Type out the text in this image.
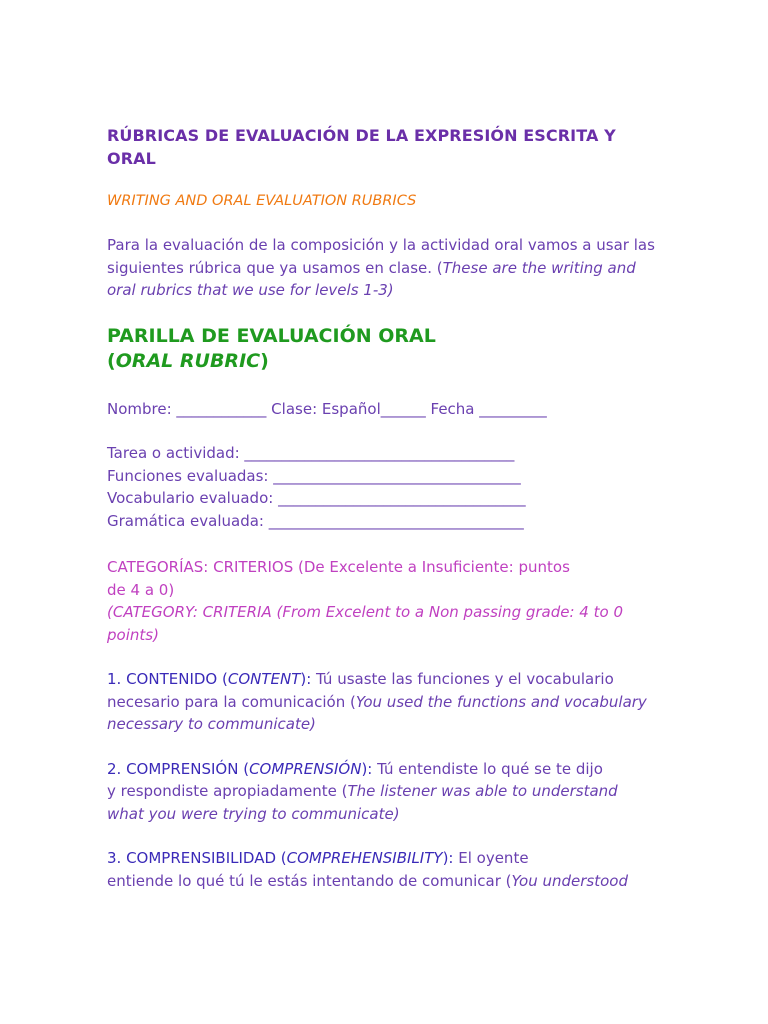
RÚBRICAS DE EVALUACIÓN DE LA EXPRESIÓN ESCRITA Y
ORAL

WRITING AND ORAL EVALUATION RUBRICS

Para la evaluación de la composición y la actividad oral vamos a usar las
siguientes rúbrica que ya usamos en clase. (These are the writing and
oral rubrics that we use for levels 1-3)

PARILLA DE EVALUACIÓN ORAL
(ORAL RUBRIC)
Nombre: ____________ Clase: Español______ Fecha _________
Tarea o actividad: ____________________________________
Funciones evaluadas: _________________________________
Vocabulario evaluado: _________________________________
Gramática evaluada: __________________________________
CATEGORÍAS: CRITERIOS (De Excelente a Insuficiente: puntos
de 4 a 0)
(CATEGORY: CRITERIA (From Excelent to a Non passing grade: 4 to 0
points)
1. CONTENIDO (CONTENT): Tú usaste las funciones y el vocabulario
necesario para la comunicación (You used the functions and vocabulary
necessary to communicate)
2. COMPRENSIÓN (COMPRENSIÓN): Tú entendiste lo qué se te dijo
y respondiste apropiadamente (The listener was able to understand
what you were trying to communicate)
3. COMPRENSIBILIDAD (COMPREHENSIBILITY): El oyente
entiende lo qué tú le estás intentando de comunicar (You understood
